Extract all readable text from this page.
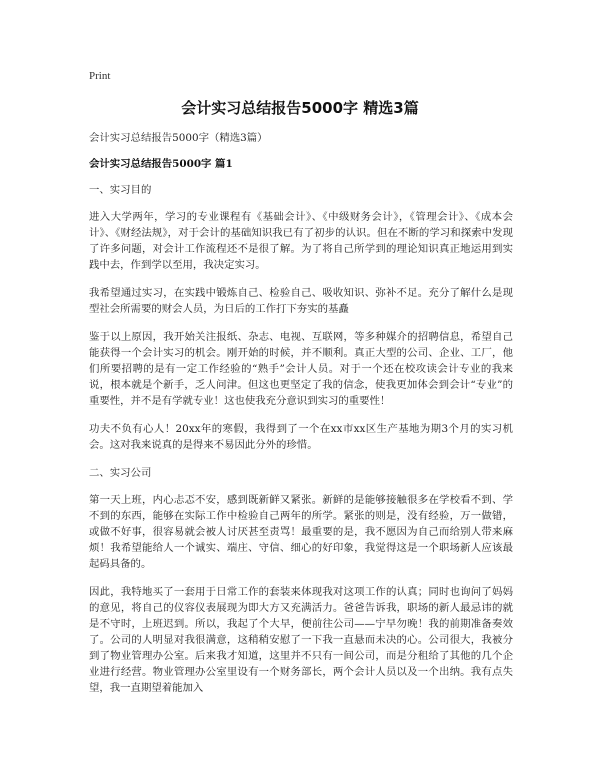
Print
会计实习总结报告5000字 精选3篇

会计实习总结报告5000字（精选3篇）

会计实习总结报告5000字 篇1

一、实习目的

进入大学两年，学习的专业课程有《基础会计》、《中级财务会计》，《管理会计》、《成本会计》、《财经法规》，对于会计的基础知识我已有了初步的认识。但在不断的学习和探索中发现了许多问题，对会计工作流程还不是很了解。为了将自己所学到的理论知识真正地运用到实践中去，作到学以至用，我决定实习。

我希望通过实习，在实践中锻炼自己、检验自己、吸收知识、弥补不足。充分了解什么是现型社会所需要的财会人员，为日后的工作打下夯实的基矗

鉴于以上原因，我开始关注报纸、杂志、电视、互联网，等多种媒介的招聘信息，希望自己能获得一个会计实习的机会。刚开始的时候，并不顺利。真正大型的公司、企业、工厂，他们所要招聘的是有一定工作经验的“熟手”会计人员。对于一个还在校攻读会计专业的我来说，根本就是个新手，乏人问津。但这也更坚定了我的信念，使我更加体会到会计“专业”的重要性，并不是有学就专业！这也使我充分意识到实习的重要性！

功夫不负有心人！20xx年的寒假，我得到了一个在xx市xx区生产基地为期3个月的实习机会。这对我来说真的是得来不易因此分外的珍惜。

二、实习公司

第一天上班，内心忐忑不安，感到既新鲜又紧张。新鲜的是能够接触很多在学校看不到、学不到的东西，能够在实际工作中检验自己两年的所学。紧张的则是，没有经验，万一做错，或做不好事，很容易就会被人讨厌甚至责骂！最重要的是，我不愿因为自己而给别人带来麻烦！我希望能给人一个诚实、端庄、守信、细心的好印象，我觉得这是一个职场新人应该最起码具备的。

因此，我特地买了一套用于日常工作的套装来体现我对这项工作的认真；同时也询问了妈妈的意见，将自己的仪容仪表展现为即大方又充满活力。爸爸告诉我，职场的新人最忌讳的就是不守时，上班迟到。所以，我起了个大早，便前往公司——宁早勿晚！我的前期准备奏效了。公司的人明显对我很满意，这稍稍安慰了一下我一直悬而未决的心。公司很大，我被分到了物业管理办公室。后来我才知道，这里并不只有一间公司，而是分租给了其他的几个企业进行经营。物业管理办公室里设有一个财务部长，两个会计人员以及一个出纳。我有点失望，我一直期望着能加入
